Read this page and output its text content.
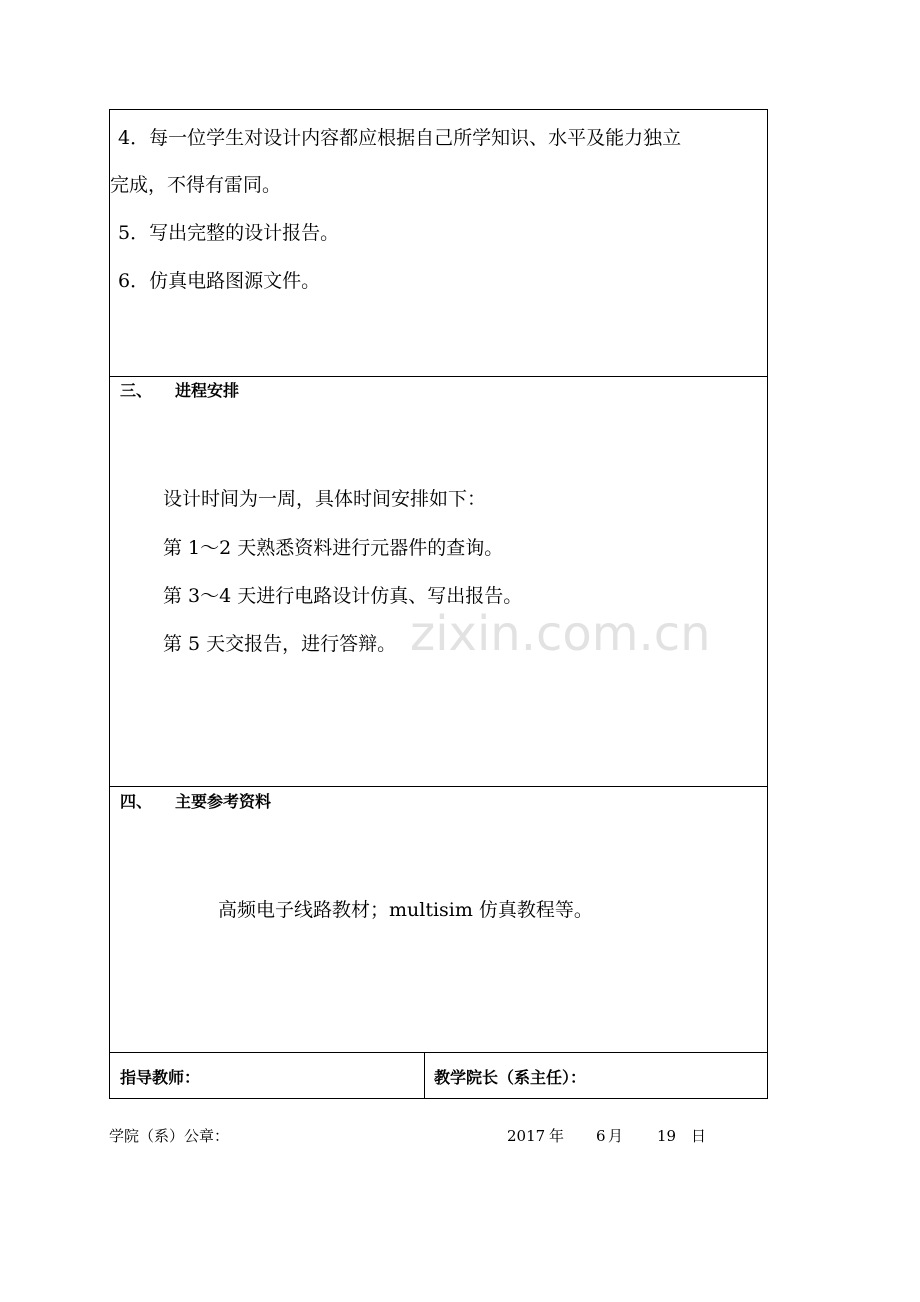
4．每一位学生对设计内容都应根据自己所学知识、水平及能力独立
完成，不得有雷同。
5．写出完整的设计报告。
6．仿真电路图源文件。
三、 进程安排
设计时间为一周，具体时间安排如下：
第 1～2 天熟悉资料进行元器件的查询。
第 3～4 天进行电路设计仿真、写出报告。
第 5 天交报告，进行答辩。
四、 主要参考资料
高频电子线路教材；multisim 仿真教程等。
指导教师：	教学院长（系主任）：
学院（系）公章：	2017 年 6 月 19 日
zixin.com.cn
